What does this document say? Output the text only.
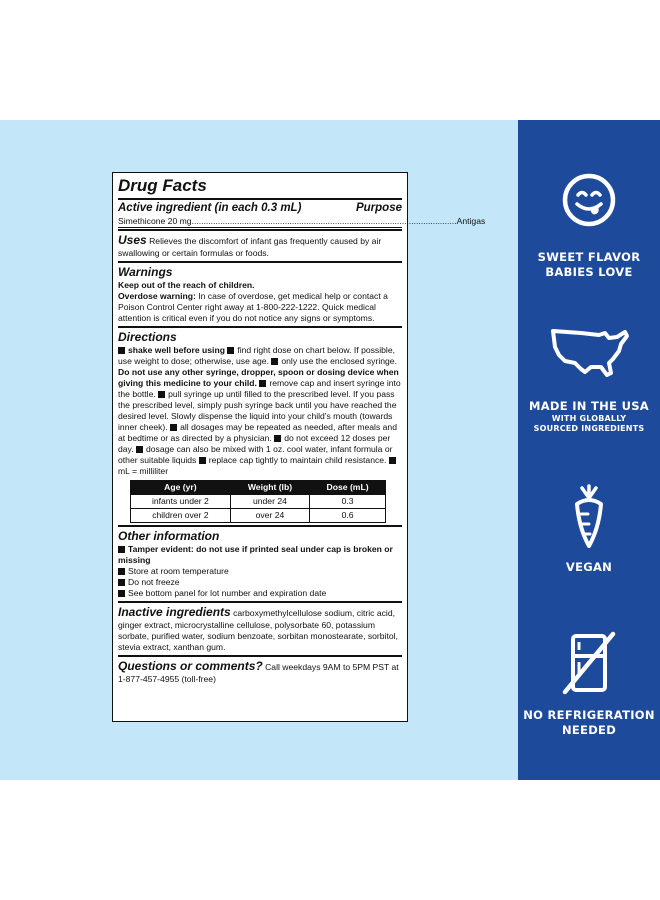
Drug Facts
Active ingredient (in each 0.3 mL)	Purpose
Simethicone 20 mg ............................................................................................................... Antigas
Uses Relieves the discomfort of infant gas frequently caused by air swallowing or certain formulas or foods.
Warnings
Keep out of the reach of children.
Overdose warning: In case of overdose, get medical help or contact a Poison Control Center right away at 1-800-222-1222. Quick medical attention is critical even if you do not notice any signs or symptoms.
Directions
shake well before using find right dose on chart below. If possible, use weight to dose; otherwise, use age. only use the enclosed syringe. Do not use any other syringe, dropper, spoon or dosing device when giving this medicine to your child. remove cap and insert syringe into the bottle. pull syringe up until filled to the prescribed level. If you pass the prescribed level, simply push syringe back until you have reached the desired level. Slowly dispense the liquid into your child's mouth (towards inner cheek). all dosages may be repeated as needed, after meals and at bedtime or as directed by a physician. do not exceed 12 doses per day. dosage can also be mixed with 1 oz. cool water, infant formula or other suitable liquids replace cap tightly to maintain child resistance. mL = milliliter
Age (yr)	Weight (lb)	Dose (mL)
infants under 2	under 24	0.3
children over 2	over 24	0.6
Other information
Tamper evident: do not use if printed seal under cap is broken or missing
Store at room temperature
Do not freeze
See bottom panel for lot number and expiration date
Inactive ingredients carboxymethylcellulose sodium, citric acid, ginger extract, microcrystalline cellulose, polysorbate 60, potassium sorbate, purified water, sodium benzoate, sorbitan monostearate, sorbitol, stevia extract, xanthan gum.
Questions or comments? Call weekdays 9AM to 5PM PST at 1-877-457-4955 (toll-free)
SWEET FLAVOR
BABIES LOVE
MADE IN THE USA
WITH GLOBALLY
SOURCED INGREDIENTS
VEGAN
NO REFRIGERATION
NEEDED
